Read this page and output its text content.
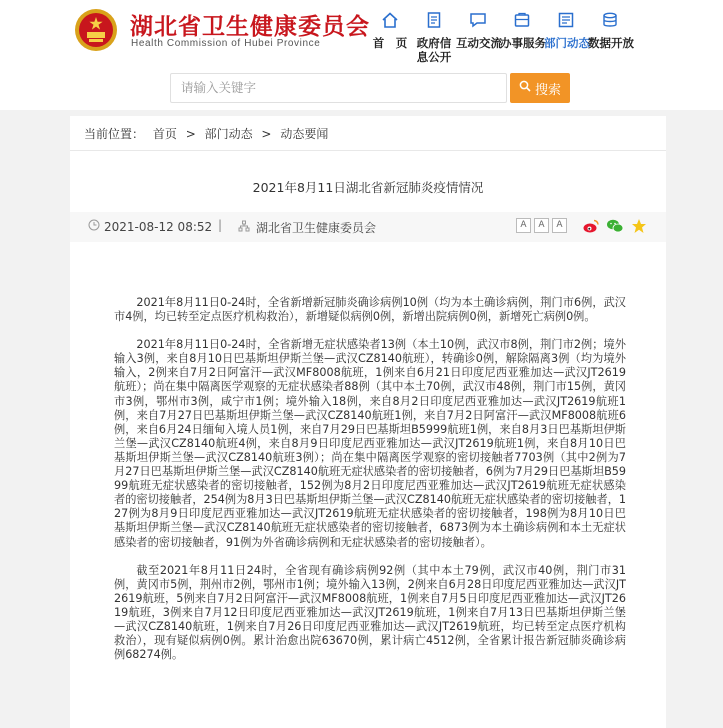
湖北省卫生健康委员会
Health Commission of Hubei Province	首　页 政府信息公开
互动交流
办事服务
部门动态
数据开放
请输入关键字	搜索
当前位置： 首页 > 部门动态 > 动态要闻
2021年8月11日湖北省新冠肺炎疫情情况
2021-08-12 08:52 |	湖北省卫生健康委员会	A	A	A

2021年8月11日0-24时，全省新增新冠肺炎确诊病例10例（均为本土确诊病例，荆门市6例，武汉市4例，均已转至定点医疗机构救治），新增疑似病例0例，新增出院病例0例，新增死亡病例0例。

2021年8月11日0-24时，全省新增无症状感染者13例（本土10例，武汉市8例，荆门市2例；境外输入3例，来自8月10日巴基斯坦伊斯兰堡—武汉CZ8140航班），转确诊0例，解除隔离3例（均为境外输入，2例来自7月2日阿富汗—武汉MF8008航班，1例来自6月21日印度尼西亚雅加达—武汉JT2619航班）；尚在集中隔离医学观察的无症状感染者88例（其中本土70例，武汉市48例，荆门市15例，黄冈市3例，鄂州市3例，咸宁市1例；境外输入18例，来自8月2日印度尼西亚雅加达—武汉JT2619航班1例，来自7月27日巴基斯坦伊斯兰堡—武汉CZ8140航班1例，来自7月2日阿富汗—武汉MF8008航班6例，来自6月24日缅甸入境人员1例，来自7月29日巴基斯坦B5999航班1例，来自8月3日巴基斯坦伊斯兰堡—武汉CZ8140航班4例，来自8月9日印度尼西亚雅加达—武汉JT2619航班1例，来自8月10日巴基斯坦伊斯兰堡—武汉CZ8140航班3例）；尚在集中隔离医学观察的密切接触者7703例（其中2例为7月27日巴基斯坦伊斯兰堡—武汉CZ8140航班无症状感染者的密切接触者，6例为7月29日巴基斯坦B5999航班无症状感染者的密切接触者，152例为8月2日印度尼西亚雅加达—武汉JT2619航班无症状感染者的密切接触者，254例为8月3日巴基斯坦伊斯兰堡—武汉CZ8140航班无症状感染者的密切接触者，127例为8月9日印度尼西亚雅加达—武汉JT2619航班无症状感染者的密切接触者，198例为8月10日巴基斯坦伊斯兰堡—武汉CZ8140航班无症状感染者的密切接触者，6873例为本土确诊病例和本土无症状感染者的密切接触者，91例为外省确诊病例和无症状感染者的密切接触者）。

截至2021年8月11日24时，全省现有确诊病例92例（其中本土79例，武汉市40例，荆门市31例，黄冈市5例，荆州市2例，鄂州市1例；境外输入13例，2例来自6月28日印度尼西亚雅加达—武汉JT2619航班，5例来自7月2日阿富汗—武汉MF8008航班，1例来自7月5日印度尼西亚雅加达—武汉JT2619航班，3例来自7月12日印度尼西亚雅加达—武汉JT2619航班，1例来自7月13日巴基斯坦伊斯兰堡—武汉CZ8140航班，1例来自7月26日印度尼西亚雅加达—武汉JT2619航班，均已转至定点医疗机构救治），现有疑似病例0例。累计治愈出院63670例，累计病亡4512例，全省累计报告新冠肺炎确诊病例68274例。
